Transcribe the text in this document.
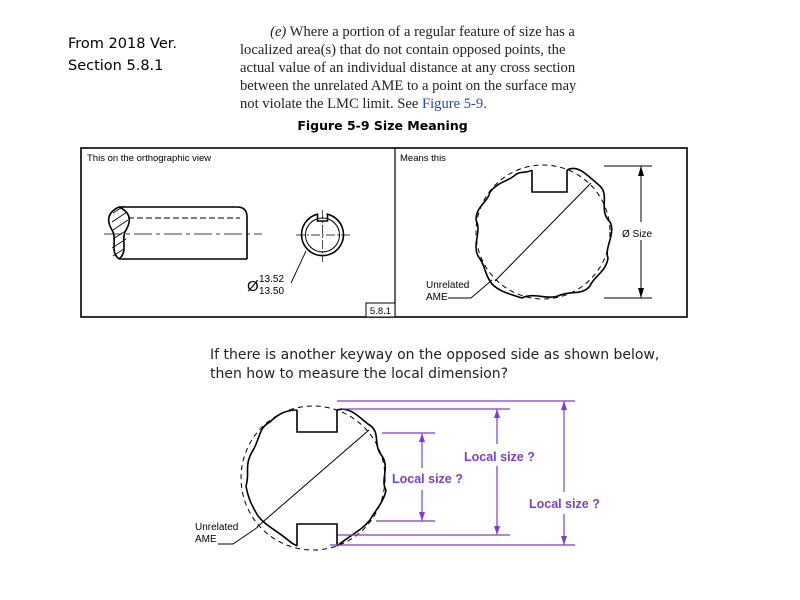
From 2018 Ver.
Section 5.8.1
(e) Where a portion of a regular feature of size has a
localized area(s) that do not contain opposed points, the
actual value of an individual distance at any cross section
between the unrelated AME to a point on the surface may
not violate the LMC limit. See Figure 5-9.
Figure 5-9 Size Meaning
If there is another keyway on the opposed side as shown below,
then how to measure the local dimension?
5.8.1
This on the orthographic view	Means this
Ø 13.52
13.50
Ø Size
Unrelated
AME
Unrelated
AME
Local size ?
Local size ?
Local size ?
